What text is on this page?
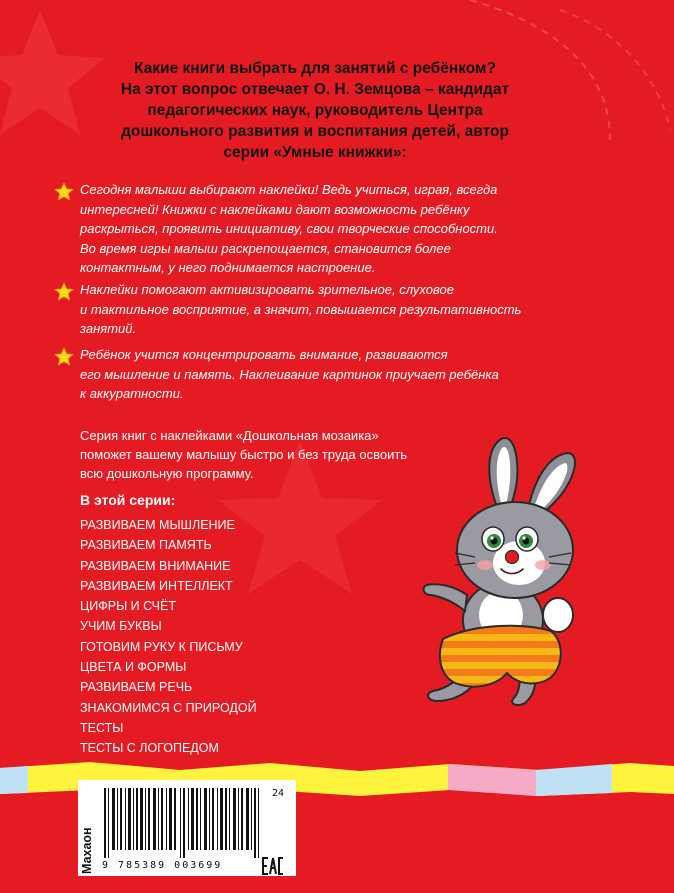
Какие книги выбрать для занятий с ребёнком?
На этот вопрос отвечает О. Н. Земцова – кандидат
педагогических наук, руководитель Центра
дошкольного развития и воспитания детей, автор
серии «Умные книжки»:

Сегодня малыши выбирают наклейки! Ведь учиться, играя, всегда
интересней! Книжки с наклейками дают возможность ребёнку
раскрыться, проявить инициативу, свои творческие способности.
Во время игры малыш раскрепощается, становится более
контактным, у него поднимается настроение.

Наклейки помогают активизировать зрительное, слуховое
и тактильное восприятие, а значит, повышается результативность
занятий.

Ребёнок учится концентрировать внимание, развиваются
его мышление и память. Наклеивание картинок приучает ребёнка
к аккуратности.

Серия книг с наклейками «Дошкольная мозаика»
поможет вашему малышу быстро и без труда освоить
всю дошкольную программу.

В этой серии:

РАЗВИВАЕМ МЫШЛЕНИЕ
РАЗВИВАЕМ ПАМЯТЬ
РАЗВИВАЕМ ВНИМАНИЕ
РАЗВИВАЕМ ИНТЕЛЛЕКТ
ЦИФРЫ И СЧЁТ
УЧИМ БУКВЫ
ГОТОВИМ РУКУ К ПИСЬМУ
ЦВЕТА И ФОРМЫ
РАЗВИВАЕМ РЕЧЬ
ЗНАКОМИМСЯ С ПРИРОДОЙ
ТЕСТЫ
ТЕСТЫ С ЛОГОПЕДОМ
Махаон 9 785389 003699
24
